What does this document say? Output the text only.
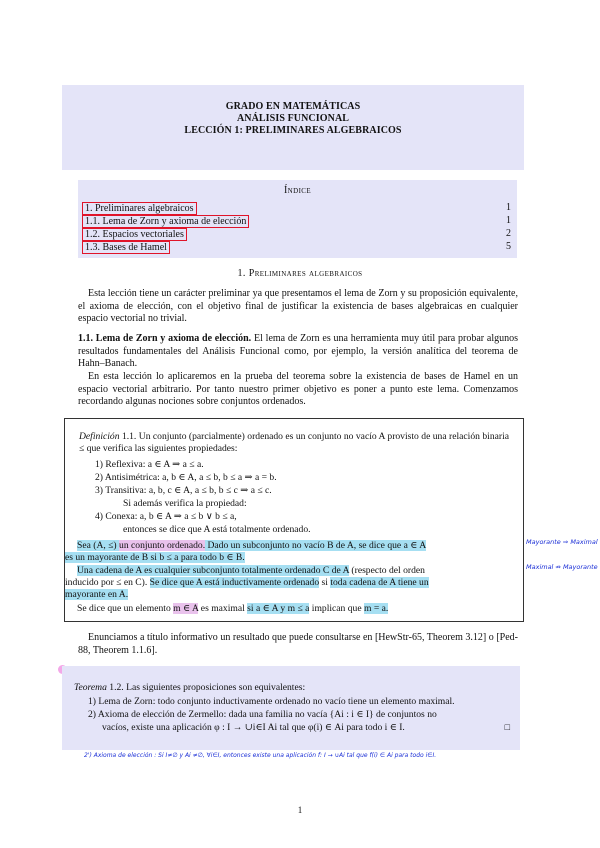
GRADO EN MATEMÁTICAS
ANÁLISIS FUNCIONAL
LECCIÓN 1: PRELIMINARES ALGEBRAICOS
Índice
1. Preliminares algebraicos	1
1.1. Lema de Zorn y axioma de elección	1
1.2. Espacios vectoriales	2
1.3. Bases de Hamel	5
1. Preliminares algebraicos
Esta lección tiene un carácter preliminar ya que presentamos el lema de Zorn y su proposición equivalente, el axioma de elección, con el objetivo final de justificar la existencia de bases algebraicas en cualquier espacio vectorial no trivial.
1.1. Lema de Zorn y axioma de elección. El lema de Zorn es una herramienta muy útil para probar algunos resultados fundamentales del Análisis Funcional como, por ejemplo, la versión analítica del teorema de Hahn–Banach.
En esta lección lo aplicaremos en la prueba del teorema sobre la existencia de bases de Hamel en un espacio vectorial arbitrario. Por tanto nuestro primer objetivo es poner a punto este lema. Comenzamos recordando algunas nociones sobre conjuntos ordenados.
Definición 1.1. Un conjunto (parcialmente) ordenado es un conjunto no vacío A provisto de una relación binaria ≤ que verifica las siguientes propiedades:
1) Reflexiva: a ∈ A ⇒ a ≤ a.
2) Antisimétrica: a, b ∈ A, a ≤ b, b ≤ a ⇒ a = b.
3) Transitiva: a, b, c ∈ A, a ≤ b, b ≤ c ⇒ a ≤ c.
Si además verifica la propiedad:
4) Conexa: a, b ∈ A ⇒ a ≤ b ∨ b ≤ a,
entonces se dice que A está totalmente ordenado.
Sea (A, ≤) un conjunto ordenado. Dado un subconjunto no vacío B de A, se dice que a ∈ A
es un mayorante de B si b ≤ a para todo b ∈ B.
Una cadena de A es cualquier subconjunto totalmente ordenado C de A (respecto del orden
inducido por ≤ en C). Se dice que A está inductivamente ordenado si toda cadena de A tiene un
mayorante en A.
Se dice que un elemento m ∈ A es maximal si a ∈ A y m ≤ a implican que m = a.
Mayorante ⇒ Maximal
Maximal ⇏ Mayorante
Enunciamos a título informativo un resultado que puede consultarse en [HewStr-65, Theorem 3.12] o [Ped-88, Theorem 1.1.6].
Teorema 1.2. Las siguientes proposiciones son equivalentes:
1) Lema de Zorn: todo conjunto inductivamente ordenado no vacío tiene un elemento maximal.
2) Axioma de elección de Zermello: dada una familia no vacía {Ai : i ∈ I} de conjuntos no
vacíos, existe una aplicación φ : I → ∪i∈I Ai tal que φ(i) ∈ Ai para todo i ∈ I.	□
2') Axioma de elección : Si I≠∅ y Ai ≠∅, ∀i∈I, entonces existe una aplicación f: I → ∪Ai tal que f(i) ∈ Ai para todo i∈I.
1
